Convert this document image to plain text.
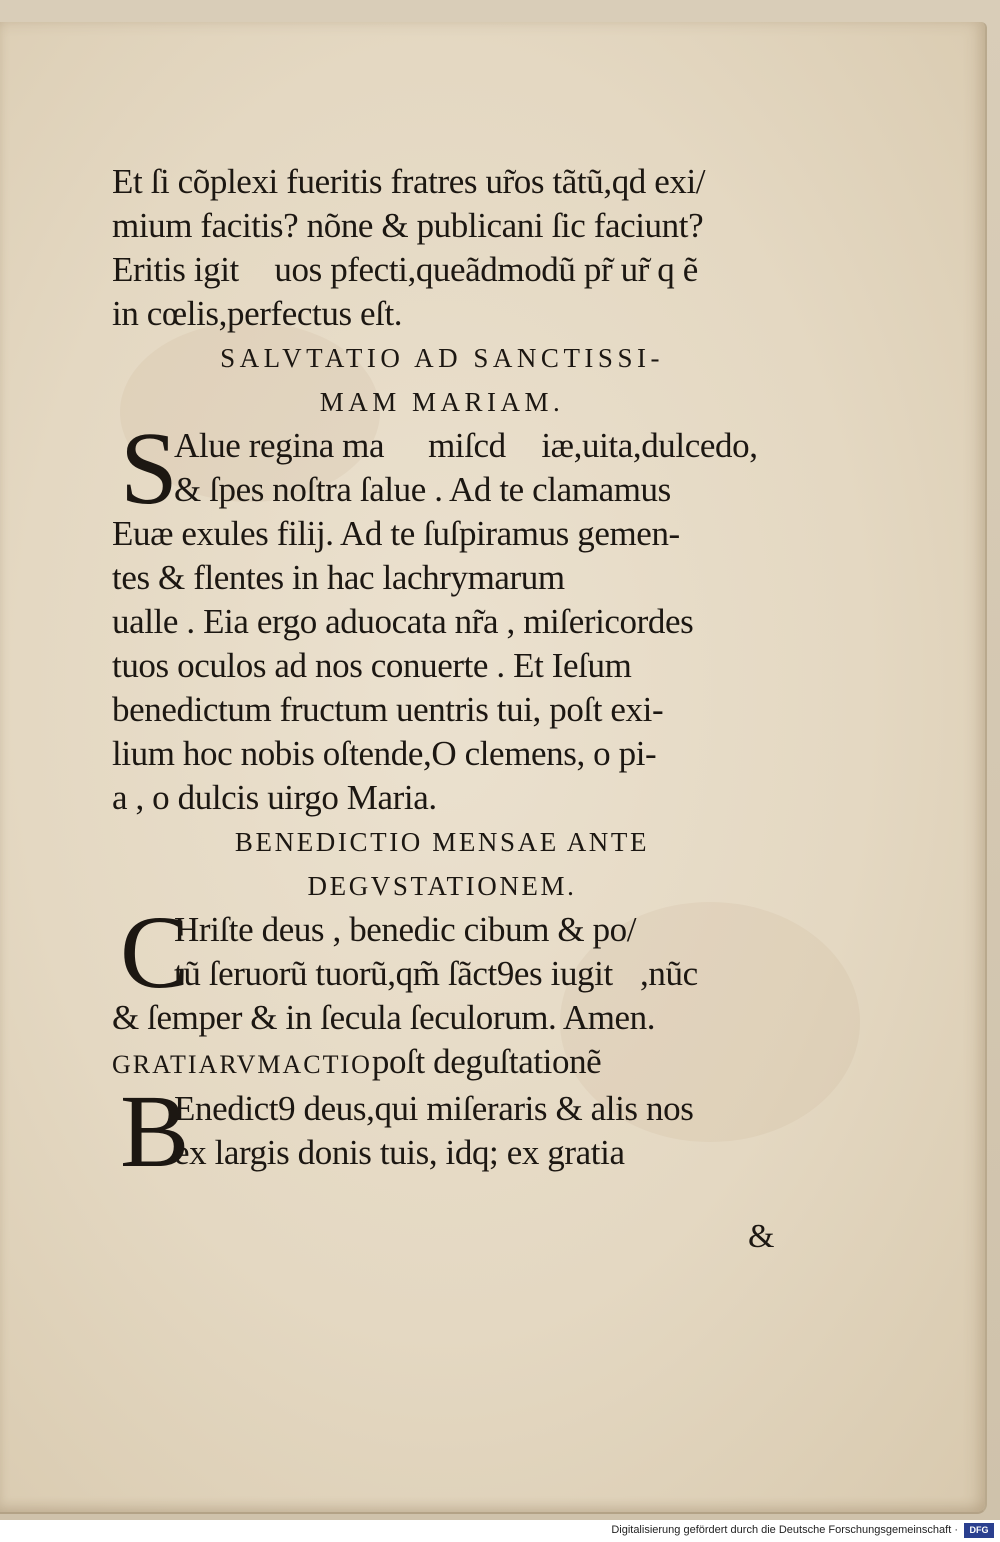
Et ſi cõplexi fueritis fratres ur̃os tãtũ,qd exi/
mium facitis? nõne & publicani ſic faciunt?
Eritis igit᷑ uos pfecti,queãdmodũ pr̃ ur̃ q ẽ
in cœlis,perfectus eſt.
SALVTATIO AD SANCTISSI-
MAM MARIAM.
S
Alue regina ma ᷑ miſcd ᷑iæ,uita,dulcedo,
& ſpes noſtra ſalue . Ad te clamamus
Euæ exules filij. Ad te ſuſpiramus gemen-
tes & flentes in hac lachrymarum
ualle . Eia ergo aduocata nr̃a , miſericordes
tuos oculos ad nos conuerte . Et Ieſum
benedictum fructum uentris tui, poſt exi-
lium hoc nobis oſtende,O clemens, o pi-
a , o dulcis uirgo Maria.
BENEDICTIO MENSAE ANTE
DEGVSTATIONEM.
C
Hriſte deus , benedic cibum & po/
tũ ſeruorũ tuorũ,qm̃ ſãct9es iugit᷑,nũc
& ſemper & in ſecula ſeculorum. Amen.
GRATIARVMACTIOpoſt deguſtationẽ
B
Enedict9 deus,qui miſeraris & alis nos
ex largis donis tuis, idq; ex gratia
&
Digitalisierung gefördert durch die Deutsche Forschungsgemeinschaft ·	DFG
